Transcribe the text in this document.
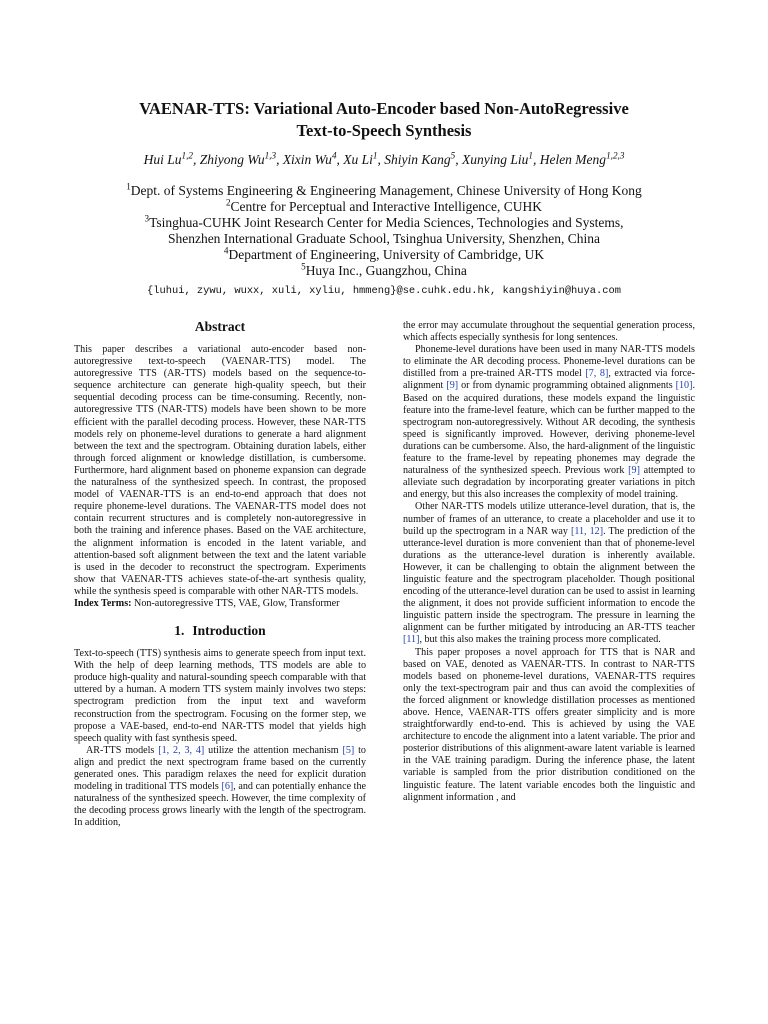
VAENAR-TTS: Variational Auto-Encoder based Non-AutoRegressive
Text-to-Speech Synthesis
Hui Lu$^{1,2}$, Zhiyong Wu$^{1,3}$, Xixin Wu$^4$, Xu Li$^1$, Shiyin Kang$^5$, Xunying Liu$^1$, Helen Meng$^{1,2,3}$
$^1$Dept. of Systems Engineering & Engineering Management, Chinese University of Hong Kong
$^2$Centre for Perceptual and Interactive Intelligence, CUHK
$^3$Tsinghua-CUHK Joint Research Center for Media Sciences, Technologies and Systems,
Shenzhen International Graduate School, Tsinghua University, Shenzhen, China
$^4$Department of Engineering, University of Cambridge, UK
$^5$Huya Inc., Guangzhou, China
{luhui, zywu, wuxx, xuli, xyliu, hmmeng}@se.cuhk.edu.hk, kangshiyin@huya.com
Abstract

This paper describes a variational auto-encoder based non-autoregressive text-to-speech (VAENAR-TTS) model. The autoregressive TTS (AR-TTS) models based on the sequence-to-sequence architecture can generate high-quality speech, but their sequential decoding process can be time-consuming. Recently, non-autoregressive TTS (NAR-TTS) models have been shown to be more efficient with the parallel decoding process. However, these NAR-TTS models rely on phoneme-level durations to generate a hard alignment between the text and the spectrogram. Obtaining duration labels, either through forced alignment or knowledge distillation, is cumbersome. Furthermore, hard alignment based on phoneme expansion can degrade the naturalness of the synthesized speech. In contrast, the proposed model of VAENAR-TTS is an end-to-end approach that does not require phoneme-level durations. The VAENAR-TTS model does not contain recurrent structures and is completely non-autoregressive in both the training and inference phases. Based on the VAE architecture, the alignment information is encoded in the latent variable, and attention-based soft alignment between the text and the latent variable is used in the decoder to reconstruct the spectrogram. Experiments show that VAENAR-TTS achieves state-of-the-art synthesis quality, while the synthesis speed is comparable with other NAR-TTS models.

Index Terms: Non-autoregressive TTS, VAE, Glow, Transformer

1. Introduction

Text-to-speech (TTS) synthesis aims to generate speech from input text. With the help of deep learning methods, TTS models are able to produce high-quality and natural-sounding speech comparable with that uttered by a human. A modern TTS system mainly involves two steps: spectrogram prediction from the input text and waveform reconstruction from the spectrogram. Focusing on the former step, we propose a VAE-based, end-to-end NAR-TTS model that yields high speech quality with fast synthesis speed.

AR-TTS models [1, 2, 3, 4] utilize the attention mechanism [5] to align and predict the next spectrogram frame based on the currently generated ones. This paradigm relaxes the need for explicit duration modeling in traditional TTS models [6], and can potentially enhance the naturalness of the synthesized speech. However, the time complexity of the decoding process grows linearly with the length of the spectrogram. In addition,

the error may accumulate throughout the sequential generation process, which affects especially synthesis for long sentences.

Phoneme-level durations have been used in many NAR-TTS models to eliminate the AR decoding process. Phoneme-level durations can be distilled from a pre-trained AR-TTS model [7, 8], extracted via force-alignment [9] or from dynamic programming obtained alignments [10]. Based on the acquired durations, these models expand the linguistic feature into the frame-level feature, which can be further mapped to the spectrogram non-autoregressively. Without AR decoding, the synthesis speed is significantly improved. However, deriving phoneme-level durations can be cumbersome. Also, the hard-alignment of the linguistic feature to the frame-level by repeating phonemes may degrade the naturalness of the synthesized speech. Previous work [9] attempted to alleviate such degradation by incorporating greater variations in pitch and energy, but this also increases the complexity of model training.

Other NAR-TTS models utilize utterance-level duration, that is, the number of frames of an utterance, to create a placeholder and use it to build up the spectrogram in a NAR way [11, 12]. The prediction of the utterance-level duration is more convenient than that of phoneme-level durations as the utterance-level duration is inherently available. However, it can be challenging to obtain the alignment between the linguistic feature and the spectrogram placeholder. Though positional encoding of the utterance-level duration can be used to assist in learning the alignment, it does not provide sufficient information to encode the linguistic pattern inside the spectrogram. The pressure in learning the alignment can be further mitigated by introducing an AR-TTS teacher [11], but this also makes the training process more complicated.

This paper proposes a novel approach for TTS that is NAR and based on VAE, denoted as VAENAR-TTS. In contrast to NAR-TTS models based on phoneme-level durations, VAENAR-TTS requires only the text-spectrogram pair and thus can avoid the complexities of the forced alignment or knowledge distillation processes as mentioned above. Hence, VAENAR-TTS offers greater simplicity and is more straightforwardly end-to-end. This is achieved by using the VAE architecture to encode the alignment into a latent variable. The prior and posterior distributions of this alignment-aware latent variable is learned in the VAE training paradigm. During the inference phase, the latent variable is sampled from the prior distribution conditioned on the linguistic feature. The latent variable encodes both the linguistic and alignment information , and
